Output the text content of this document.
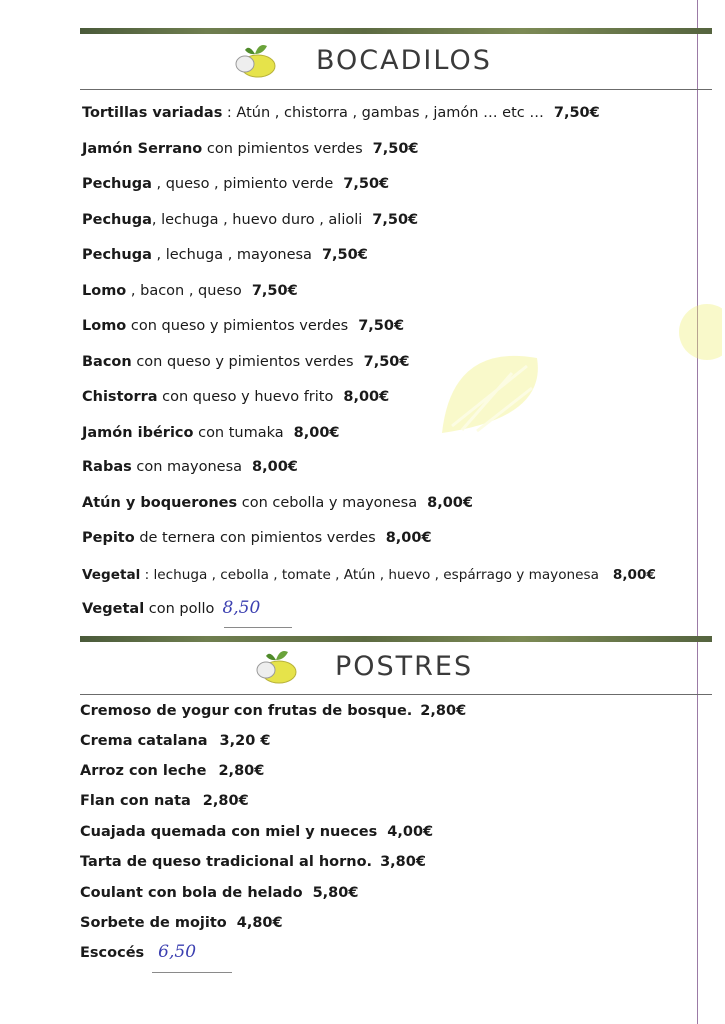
BOCADILOS
Tortillas variadas : Atún , chistorra , gambas , jamón … etc … 7,50€
Jamón Serrano con pimientos verdes 7,50€
Pechuga , queso , pimiento verde 7,50€
Pechuga, lechuga , huevo duro , alioli 7,50€
Pechuga , lechuga , mayonesa 7,50€
Lomo , bacon , queso 7,50€
Lomo con queso y pimientos verdes 7,50€
Bacon con queso y pimientos verdes 7,50€
Chistorra con queso y huevo frito 8,00€
Jamón ibérico con tumaka 8,00€
Rabas con mayonesa 8,00€
Atún y boquerones con cebolla y mayonesa 8,00€
Pepito de ternera con pimientos verdes 8,00€
Vegetal : lechuga , cebolla , tomate , Atún , huevo , espárrago y mayonesa 8,00€
Vegetal con pollo 8,50
POSTRES
Cremoso de yogur con frutas de bosque. 2,80€
Crema catalana 3,20 €
Arroz con leche 2,80€
Flan con nata 2,80€
Cuajada quemada con miel y nueces 4,00€
Tarta de queso tradicional al horno. 3,80€
Coulant con bola de helado 5,80€
Sorbete de mojito 4,80€
Escocés 6,50
